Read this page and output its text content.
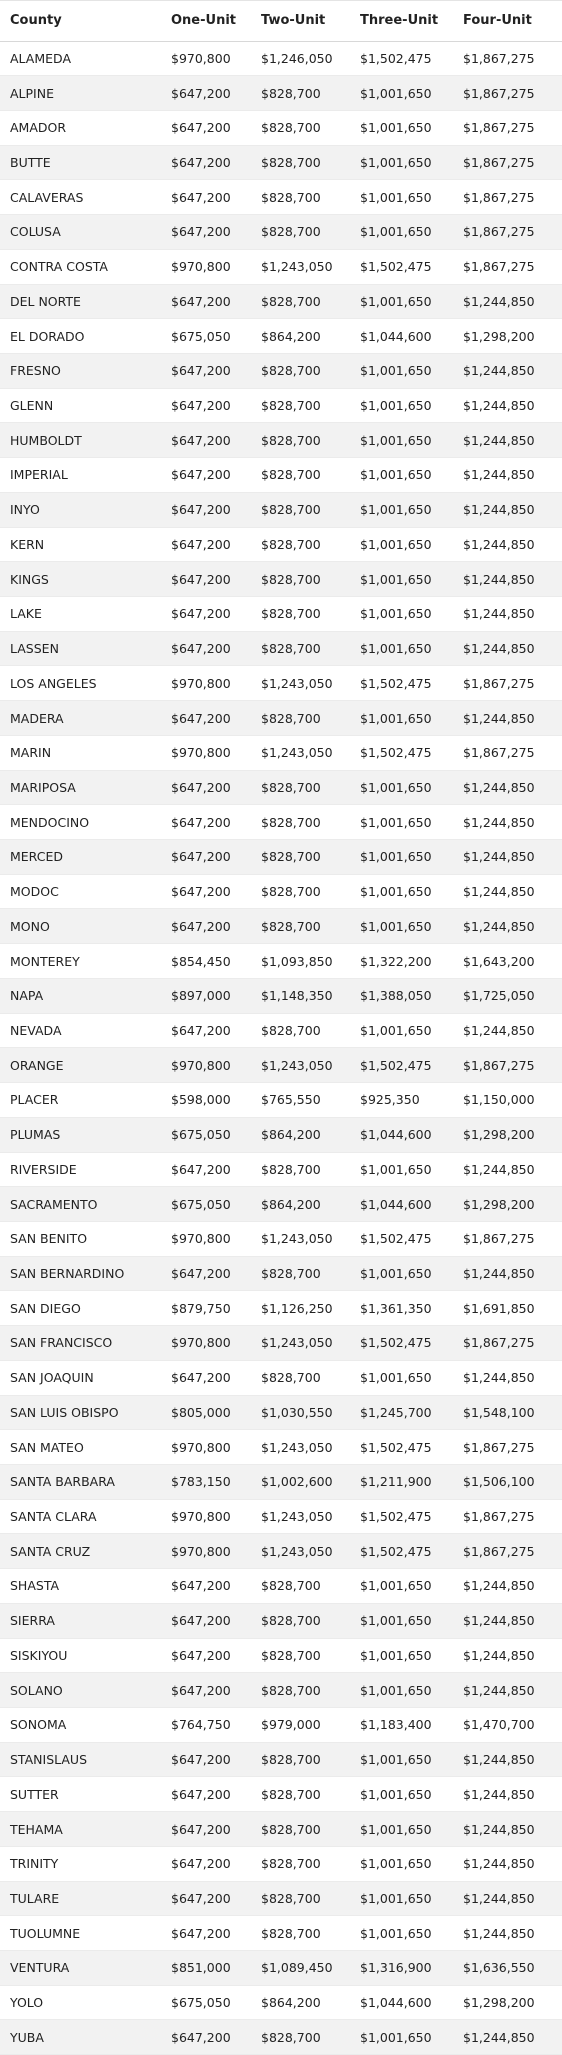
County	One-Unit	Two-Unit	Three-Unit	Four-Unit
ALAMEDA	$970,800	$1,246,050	$1,502,475	$1,867,275
ALPINE	$647,200	$828,700	$1,001,650	$1,867,275
AMADOR	$647,200	$828,700	$1,001,650	$1,867,275
BUTTE	$647,200	$828,700	$1,001,650	$1,867,275
CALAVERAS	$647,200	$828,700	$1,001,650	$1,867,275
COLUSA	$647,200	$828,700	$1,001,650	$1,867,275
CONTRA COSTA	$970,800	$1,243,050	$1,502,475	$1,867,275
DEL NORTE	$647,200	$828,700	$1,001,650	$1,244,850
EL DORADO	$675,050	$864,200	$1,044,600	$1,298,200
FRESNO	$647,200	$828,700	$1,001,650	$1,244,850
GLENN	$647,200	$828,700	$1,001,650	$1,244,850
HUMBOLDT	$647,200	$828,700	$1,001,650	$1,244,850
IMPERIAL	$647,200	$828,700	$1,001,650	$1,244,850
INYO	$647,200	$828,700	$1,001,650	$1,244,850
KERN	$647,200	$828,700	$1,001,650	$1,244,850
KINGS	$647,200	$828,700	$1,001,650	$1,244,850
LAKE	$647,200	$828,700	$1,001,650	$1,244,850
LASSEN	$647,200	$828,700	$1,001,650	$1,244,850
LOS ANGELES	$970,800	$1,243,050	$1,502,475	$1,867,275
MADERA	$647,200	$828,700	$1,001,650	$1,244,850
MARIN	$970,800	$1,243,050	$1,502,475	$1,867,275
MARIPOSA	$647,200	$828,700	$1,001,650	$1,244,850
MENDOCINO	$647,200	$828,700	$1,001,650	$1,244,850
MERCED	$647,200	$828,700	$1,001,650	$1,244,850
MODOC	$647,200	$828,700	$1,001,650	$1,244,850
MONO	$647,200	$828,700	$1,001,650	$1,244,850
MONTEREY	$854,450	$1,093,850	$1,322,200	$1,643,200
NAPA	$897,000	$1,148,350	$1,388,050	$1,725,050
NEVADA	$647,200	$828,700	$1,001,650	$1,244,850
ORANGE	$970,800	$1,243,050	$1,502,475	$1,867,275
PLACER	$598,000	$765,550	$925,350	$1,150,000
PLUMAS	$675,050	$864,200	$1,044,600	$1,298,200
RIVERSIDE	$647,200	$828,700	$1,001,650	$1,244,850
SACRAMENTO	$675,050	$864,200	$1,044,600	$1,298,200
SAN BENITO	$970,800	$1,243,050	$1,502,475	$1,867,275
SAN BERNARDINO	$647,200	$828,700	$1,001,650	$1,244,850
SAN DIEGO	$879,750	$1,126,250	$1,361,350	$1,691,850
SAN FRANCISCO	$970,800	$1,243,050	$1,502,475	$1,867,275
SAN JOAQUIN	$647,200	$828,700	$1,001,650	$1,244,850
SAN LUIS OBISPO	$805,000	$1,030,550	$1,245,700	$1,548,100
SAN MATEO	$970,800	$1,243,050	$1,502,475	$1,867,275
SANTA BARBARA	$783,150	$1,002,600	$1,211,900	$1,506,100
SANTA CLARA	$970,800	$1,243,050	$1,502,475	$1,867,275
SANTA CRUZ	$970,800	$1,243,050	$1,502,475	$1,867,275
SHASTA	$647,200	$828,700	$1,001,650	$1,244,850
SIERRA	$647,200	$828,700	$1,001,650	$1,244,850
SISKIYOU	$647,200	$828,700	$1,001,650	$1,244,850
SOLANO	$647,200	$828,700	$1,001,650	$1,244,850
SONOMA	$764,750	$979,000	$1,183,400	$1,470,700
STANISLAUS	$647,200	$828,700	$1,001,650	$1,244,850
SUTTER	$647,200	$828,700	$1,001,650	$1,244,850
TEHAMA	$647,200	$828,700	$1,001,650	$1,244,850
TRINITY	$647,200	$828,700	$1,001,650	$1,244,850
TULARE	$647,200	$828,700	$1,001,650	$1,244,850
TUOLUMNE	$647,200	$828,700	$1,001,650	$1,244,850
VENTURA	$851,000	$1,089,450	$1,316,900	$1,636,550
YOLO	$675,050	$864,200	$1,044,600	$1,298,200
YUBA	$647,200	$828,700	$1,001,650	$1,244,850
